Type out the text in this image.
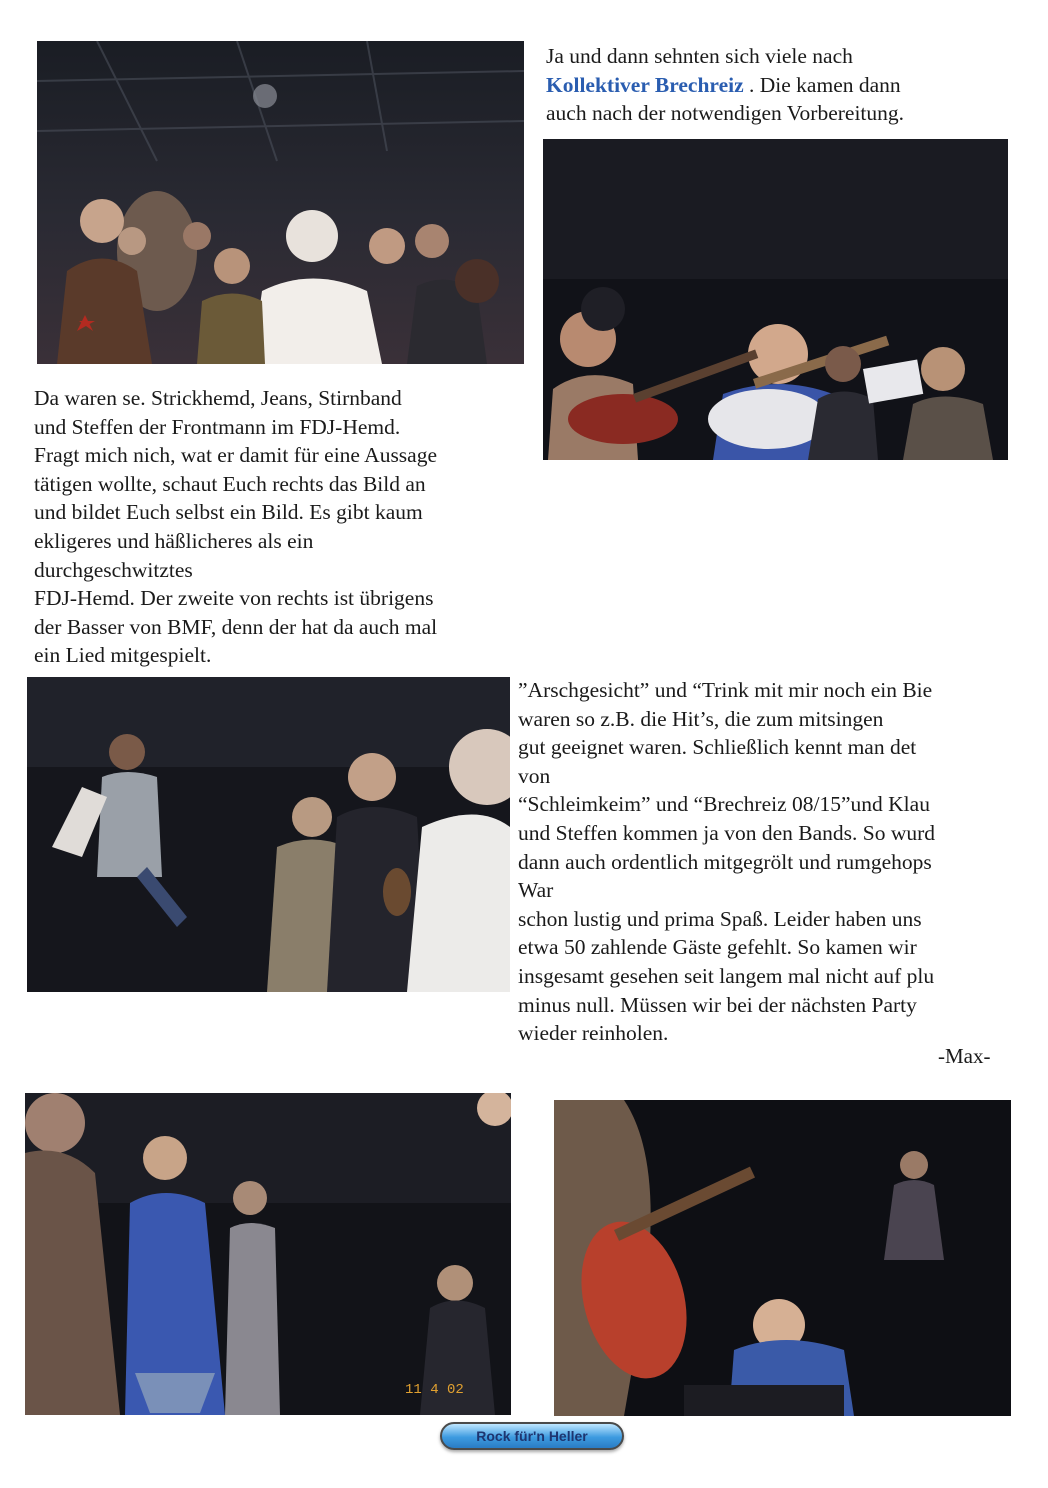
Ja und dann sehnten sich viele nach
Kollektiver Brechreiz . Die kamen dann
auch nach der notwendigen Vorbereitung.
Da waren se. Strickhemd, Jeans, Stirnband
und Steffen der Frontmann im FDJ-Hemd.
Fragt mich nich, wat er damit für eine Aussage
tätigen wollte, schaut Euch rechts das Bild an
und bildet Euch selbst ein Bild. Es gibt kaum
ekligeres und häßlicheres als ein
durchgeschwitztes
FDJ-Hemd. Der zweite von rechts ist übrigens
der Basser von BMF, denn der hat da auch mal
ein Lied mitgespielt.
”Arschgesicht” und “Trink mit mir noch ein Bie
waren so z.B. die Hit’s, die zum mitsingen
gut geeignet waren. Schließlich kennt man det
von
“Schleimkeim” und “Brechreiz 08/15”und Klau
und Steffen kommen ja von den Bands. So wurd
dann auch ordentlich mitgegrölt und rumgehops
War
schon lustig und prima Spaß. Leider haben uns
etwa 50 zahlende Gäste gefehlt. So kamen wir
insgesamt gesehen seit langem mal nicht auf plu
minus null. Müssen wir bei der nächsten Party
wieder reinholen.
-Max-
11 4 02
Rock für'n Heller
